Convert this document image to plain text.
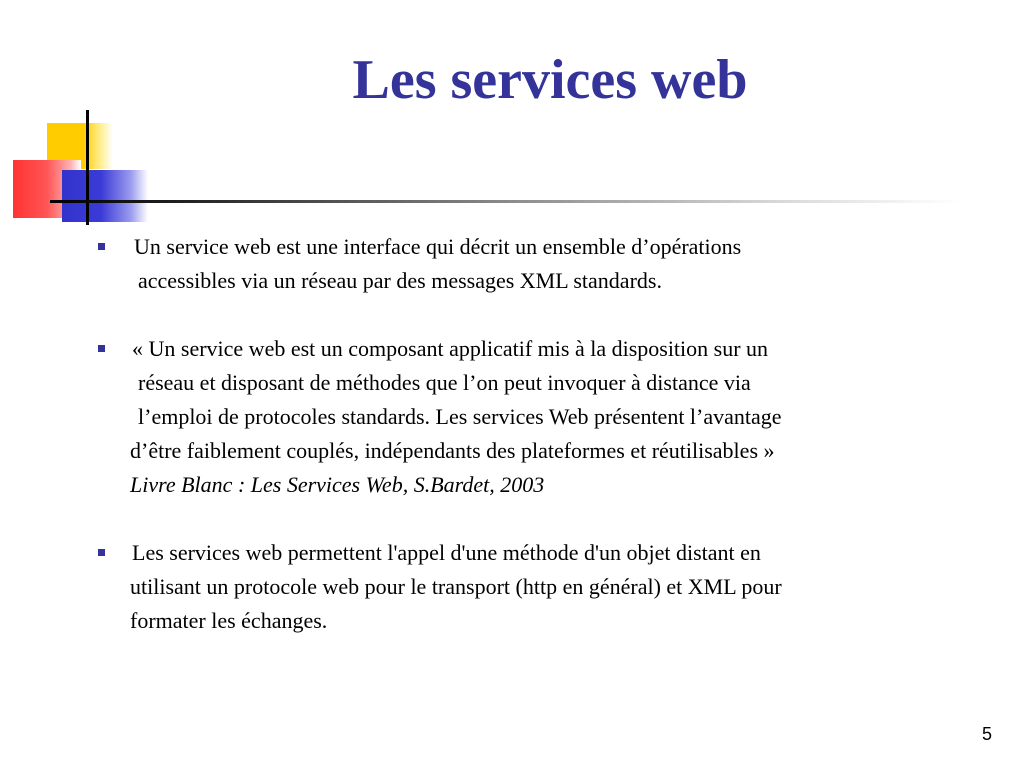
Les services web
Un service web est une interface qui décrit un ensemble d’opérations
accessibles via un réseau par des messages XML standards.
« Un service web est un composant applicatif mis à la disposition sur un
réseau et disposant de méthodes que l’on peut invoquer à distance via
l’emploi de protocoles standards. Les services Web présentent l’avantage
d’être faiblement couplés, indépendants des plateformes et réutilisables »
Livre Blanc : Les Services Web, S.Bardet, 2003
Les services web permettent l'appel d'une méthode d'un objet distant en
utilisant un protocole web pour le transport (http en général) et XML pour
formater les échanges.
5
